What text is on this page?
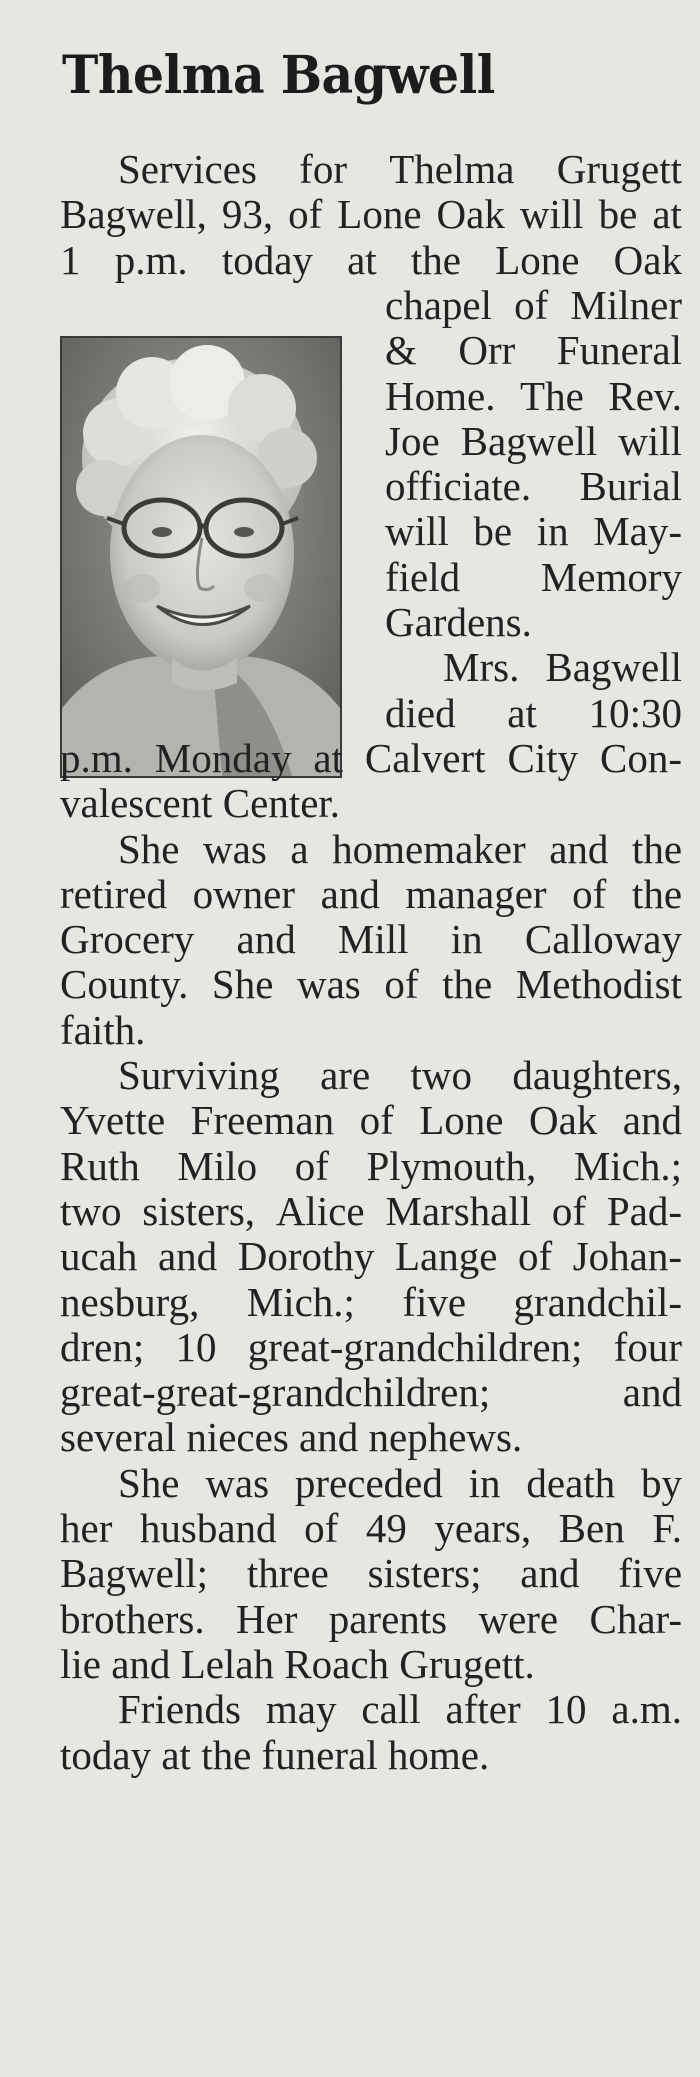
Thelma Bagwell
Services for Thelma Grugett
Bagwell, 93, of Lone Oak will be at
1 p.m. today at the Lone Oak
chapel of Milner
& Orr Funeral
Home. The Rev.
Joe Bagwell will
officiate. Burial
will be in May-
field Memory
Gardens.
Mrs. Bagwell
died at 10:30
p.m. Monday at Calvert City Con-
valescent Center.
She was a homemaker and the
retired owner and manager of the
Grocery and Mill in Calloway
County. She was of the Methodist
faith.
Surviving are two daughters,
Yvette Freeman of Lone Oak and
Ruth Milo of Plymouth, Mich.;
two sisters, Alice Marshall of Pad-
ucah and Dorothy Lange of Johan-
nesburg, Mich.; five grandchil-
dren; 10 great-grandchildren; four
great-great-grandchildren;	and
several nieces and nephews.
She was preceded in death by
her husband of 49 years, Ben F.
Bagwell; three sisters; and five
brothers. Her parents were Char-
lie and Lelah Roach Grugett.
Friends may call after 10 a.m.
today at the funeral home.
